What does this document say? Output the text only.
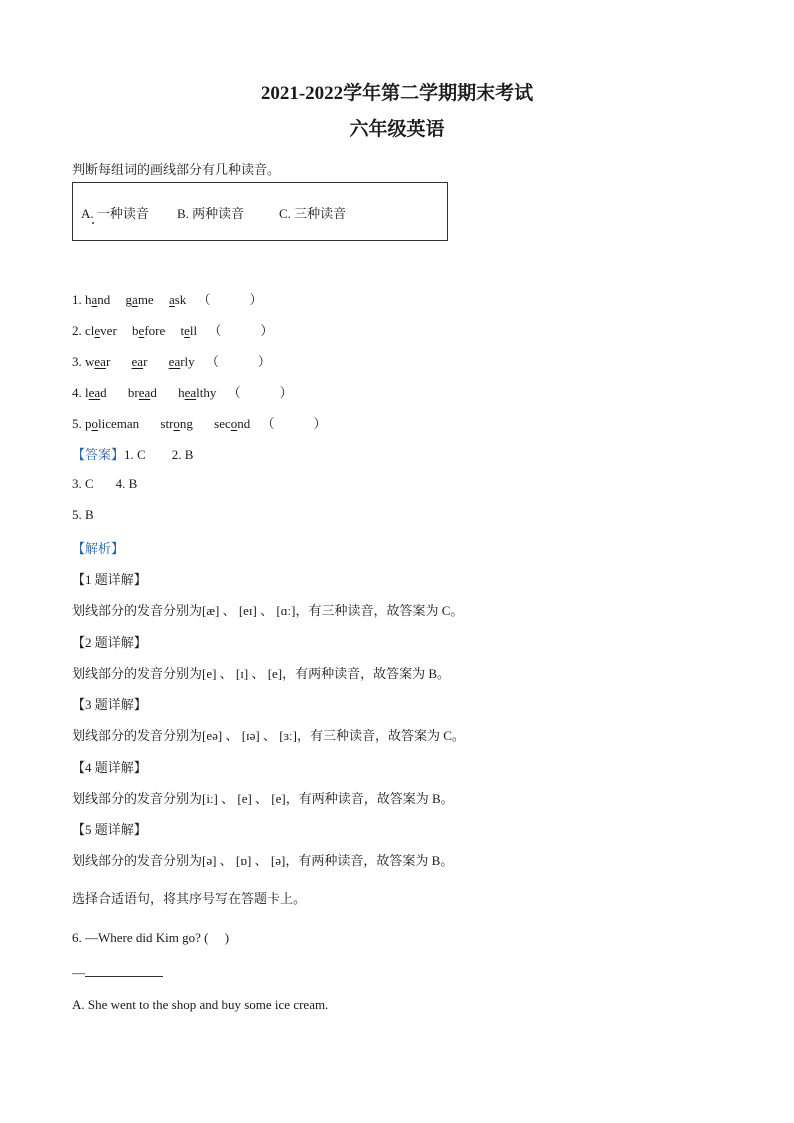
2021-2022学年第二学期期末考试
六年级英语
判断每组词的画线部分有几种读音。
A. 一种读音 B. 两种读音	C. 三种读音
1. hand game ask （　　　）
2. clever before tell （　　　）
3. wear ear early （　　　）
4. lead bread healthy （　　　）
5. policeman strong second （　　　）
【答案】1. C 2. B
3. C 4. B
5. B
【解析】
【1 题详解】
划线部分的发音分别为[æ] 、 [eɪ] 、 [ɑː]，有三种读音，故答案为 C。
【2 题详解】
划线部分的发音分别为[e] 、 [ɪ] 、 [e]，有两种读音，故答案为 B。
【3 题详解】
划线部分的发音分别为[eə] 、 [ɪə] 、 [ɜː]，有三种读音，故答案为 C。
【4 题详解】
划线部分的发音分别为[iː] 、 [e] 、 [e]，有两种读音，故答案为 B。
【5 题详解】
划线部分的发音分别为[ə] 、 [ɒ] 、 [ə]，有两种读音，故答案为 B。
选择合适语句，将其序号写在答题卡上。
6. —Where did Kim go? (　 )
—
A. She went to the shop and buy some ice cream.
